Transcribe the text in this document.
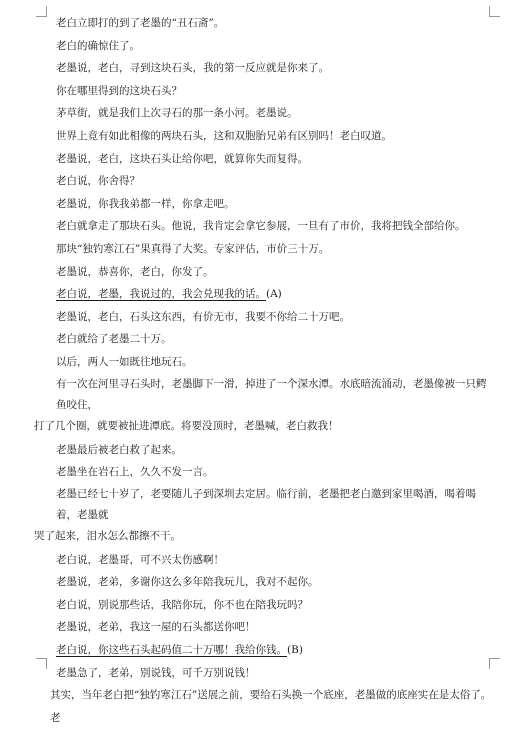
老白立即打的到了老墨的“丑石斋”。

老白的确惊住了。

老墨说，老白，寻到这块石头，我的第一反应就是你来了。

你在哪里得到的这块石头？

茅草街，就是我们上次寻石的那一条小河。老墨说。

世界上竟有如此相像的两块石头，这和双胞胎兄弟有区别吗！老白叹道。

老墨说，老白，这块石头让给你吧，就算你失而复得。

老白说，你舍得？

老墨说，你我我弟都一样，你拿走吧。

老白就拿走了那块石头。他说，我肯定会拿它参展，一旦有了市价，我将把钱全部给你。

那块“独钓寒江石”果真得了大奖。专家评估，市价三十万。

老墨说，恭喜你，老白，你发了。

老白说，老墨，我说过的，我会兑现我的话。(A)

老墨说，老白，石头这东西，有价无市，我要不你给二十万吧。

老白就给了老墨二十万。

以后，两人一如既往地玩石。

有一次在河里寻石头时，老墨脚下一滑，掉进了一个深水潭。水底暗流涌动，老墨像被一只鳄鱼咬住，
打了几个圈，就要被扯进潭底。将要没顶时，老墨喊，老白救我！

老墨最后被老白救了起来。

老墨坐在岩石上，久久不发一言。

老墨已经七十岁了，老要随儿子到深圳去定居。临行前，老墨把老白邀到家里喝酒，喝着喝着，老墨就
哭了起来，泪水怎么都擦不干。

老白说，老墨哥，可不兴太伤感啊！

老墨说，老弟，多谢你这么多年陪我玩儿，我对不起你。

老白说，别说那些话，我陪你玩，你不也在陪我玩吗？

老墨说，老弟，我这一屋的石头都送你吧！

老白说，你这些石头起码值二十万哪！我给你钱。(B)

老墨急了，老弟，别说钱，可千万别说钱！

其实，当年老白把“独钓寒江石”送展之前，要给石头换一个底座，老墨做的底座实在是太俗了。老
